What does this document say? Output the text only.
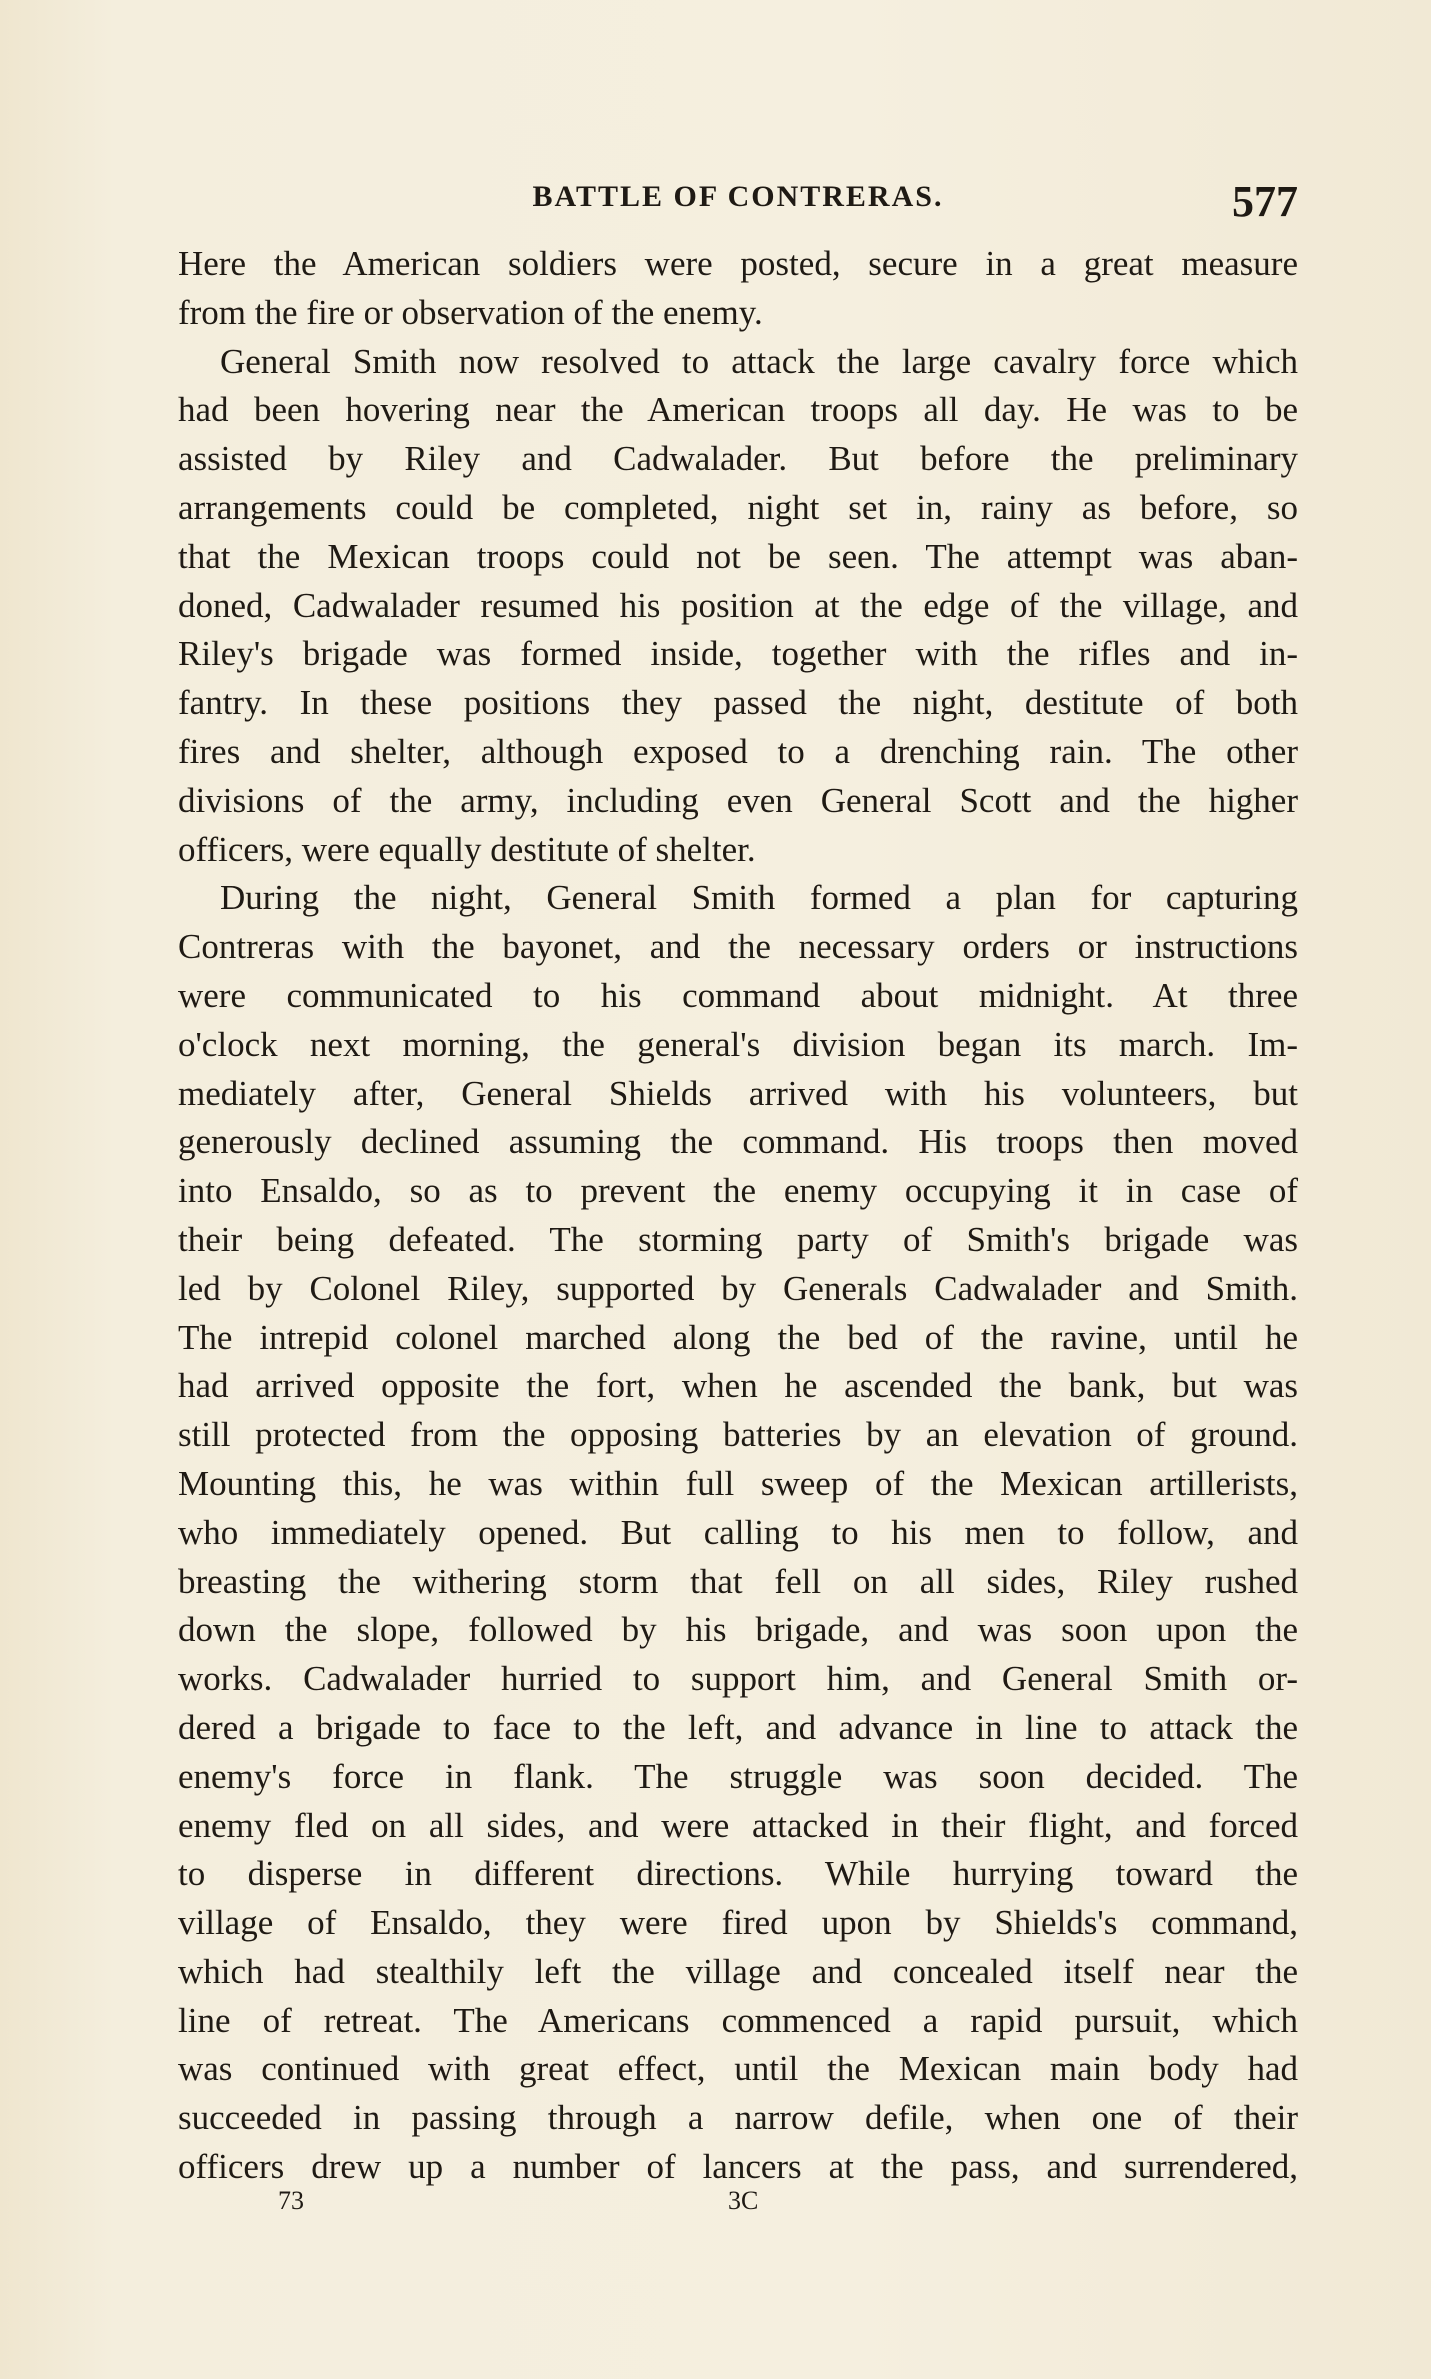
BATTLE OF CONTRERAS.	577
Here the American soldiers were posted, secure in a great measure
from the fire or observation of the enemy.
General Smith now resolved to attack the large cavalry force which
had been hovering near the American troops all day. He was to be
assisted by Riley and Cadwalader. But before the preliminary
arrangements could be completed, night set in, rainy as before, so
that the Mexican troops could not be seen. The attempt was aban-
doned, Cadwalader resumed his position at the edge of the village, and
Riley's brigade was formed inside, together with the rifles and in-
fantry. In these positions they passed the night, destitute of both
fires and shelter, although exposed to a drenching rain. The other
divisions of the army, including even General Scott and the higher
officers, were equally destitute of shelter.
During the night, General Smith formed a plan for capturing
Contreras with the bayonet, and the necessary orders or instructions
were communicated to his command about midnight. At three
o'clock next morning, the general's division began its march. Im-
mediately after, General Shields arrived with his volunteers, but
generously declined assuming the command. His troops then moved
into Ensaldo, so as to prevent the enemy occupying it in case of
their being defeated. The storming party of Smith's brigade was
led by Colonel Riley, supported by Generals Cadwalader and Smith.
The intrepid colonel marched along the bed of the ravine, until he
had arrived opposite the fort, when he ascended the bank, but was
still protected from the opposing batteries by an elevation of ground.
Mounting this, he was within full sweep of the Mexican artillerists,
who immediately opened. But calling to his men to follow, and
breasting the withering storm that fell on all sides, Riley rushed
down the slope, followed by his brigade, and was soon upon the
works. Cadwalader hurried to support him, and General Smith or-
dered a brigade to face to the left, and advance in line to attack the
enemy's force in flank. The struggle was soon decided. The
enemy fled on all sides, and were attacked in their flight, and forced
to disperse in different directions. While hurrying toward the
village of Ensaldo, they were fired upon by Shields's command,
which had stealthily left the village and concealed itself near the
line of retreat. The Americans commenced a rapid pursuit, which
was continued with great effect, until the Mexican main body had
succeeded in passing through a narrow defile, when one of their
officers drew up a number of lancers at the pass, and surrendered,
73	3C
